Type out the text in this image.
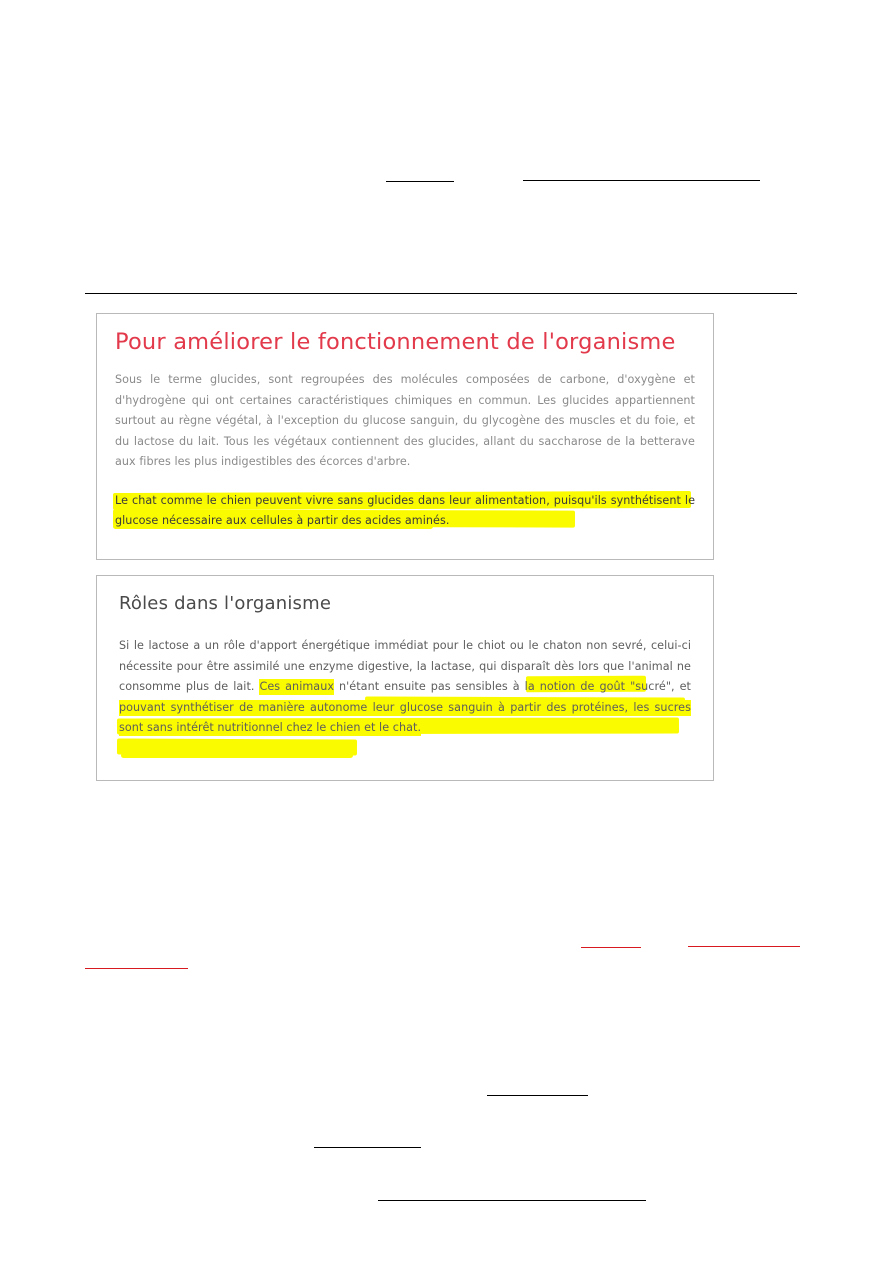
Pour améliorer le fonctionnement de l'organisme

Sous le terme glucides, sont regroupées des molécules composées de carbone, d'oxygène et d'hydrogène qui ont certaines caractéristiques chimiques en commun. Les glucides appartiennent surtout au règne végétal, à l'exception du glucose sanguin, du glycogène des muscles et du foie, et du lactose du lait. Tous les végétaux contiennent des glucides, allant du saccharose de la betterave aux fibres les plus indigestibles des écorces d'arbre.

Le chat comme le chien peuvent vivre sans glucides dans leur alimentation, puisqu'ils synthétisent le glucose nécessaire aux cellules à partir des acides aminés.

Rôles dans l'organisme

Si le lactose a un rôle d'apport énergétique immédiat pour le chiot ou le chaton non sevré, celui-ci nécessite pour être assimilé une enzyme digestive, la lactase, qui disparaît dès lors que l'animal ne consomme plus de lait. Ces animaux n'étant ensuite pas sensibles à la notion de goût "sucré", et pouvant synthétiser de manière autonome leur glucose sanguin à partir des protéines, les sucres sont sans intérêt nutritionnel chez le chien et le chat.
